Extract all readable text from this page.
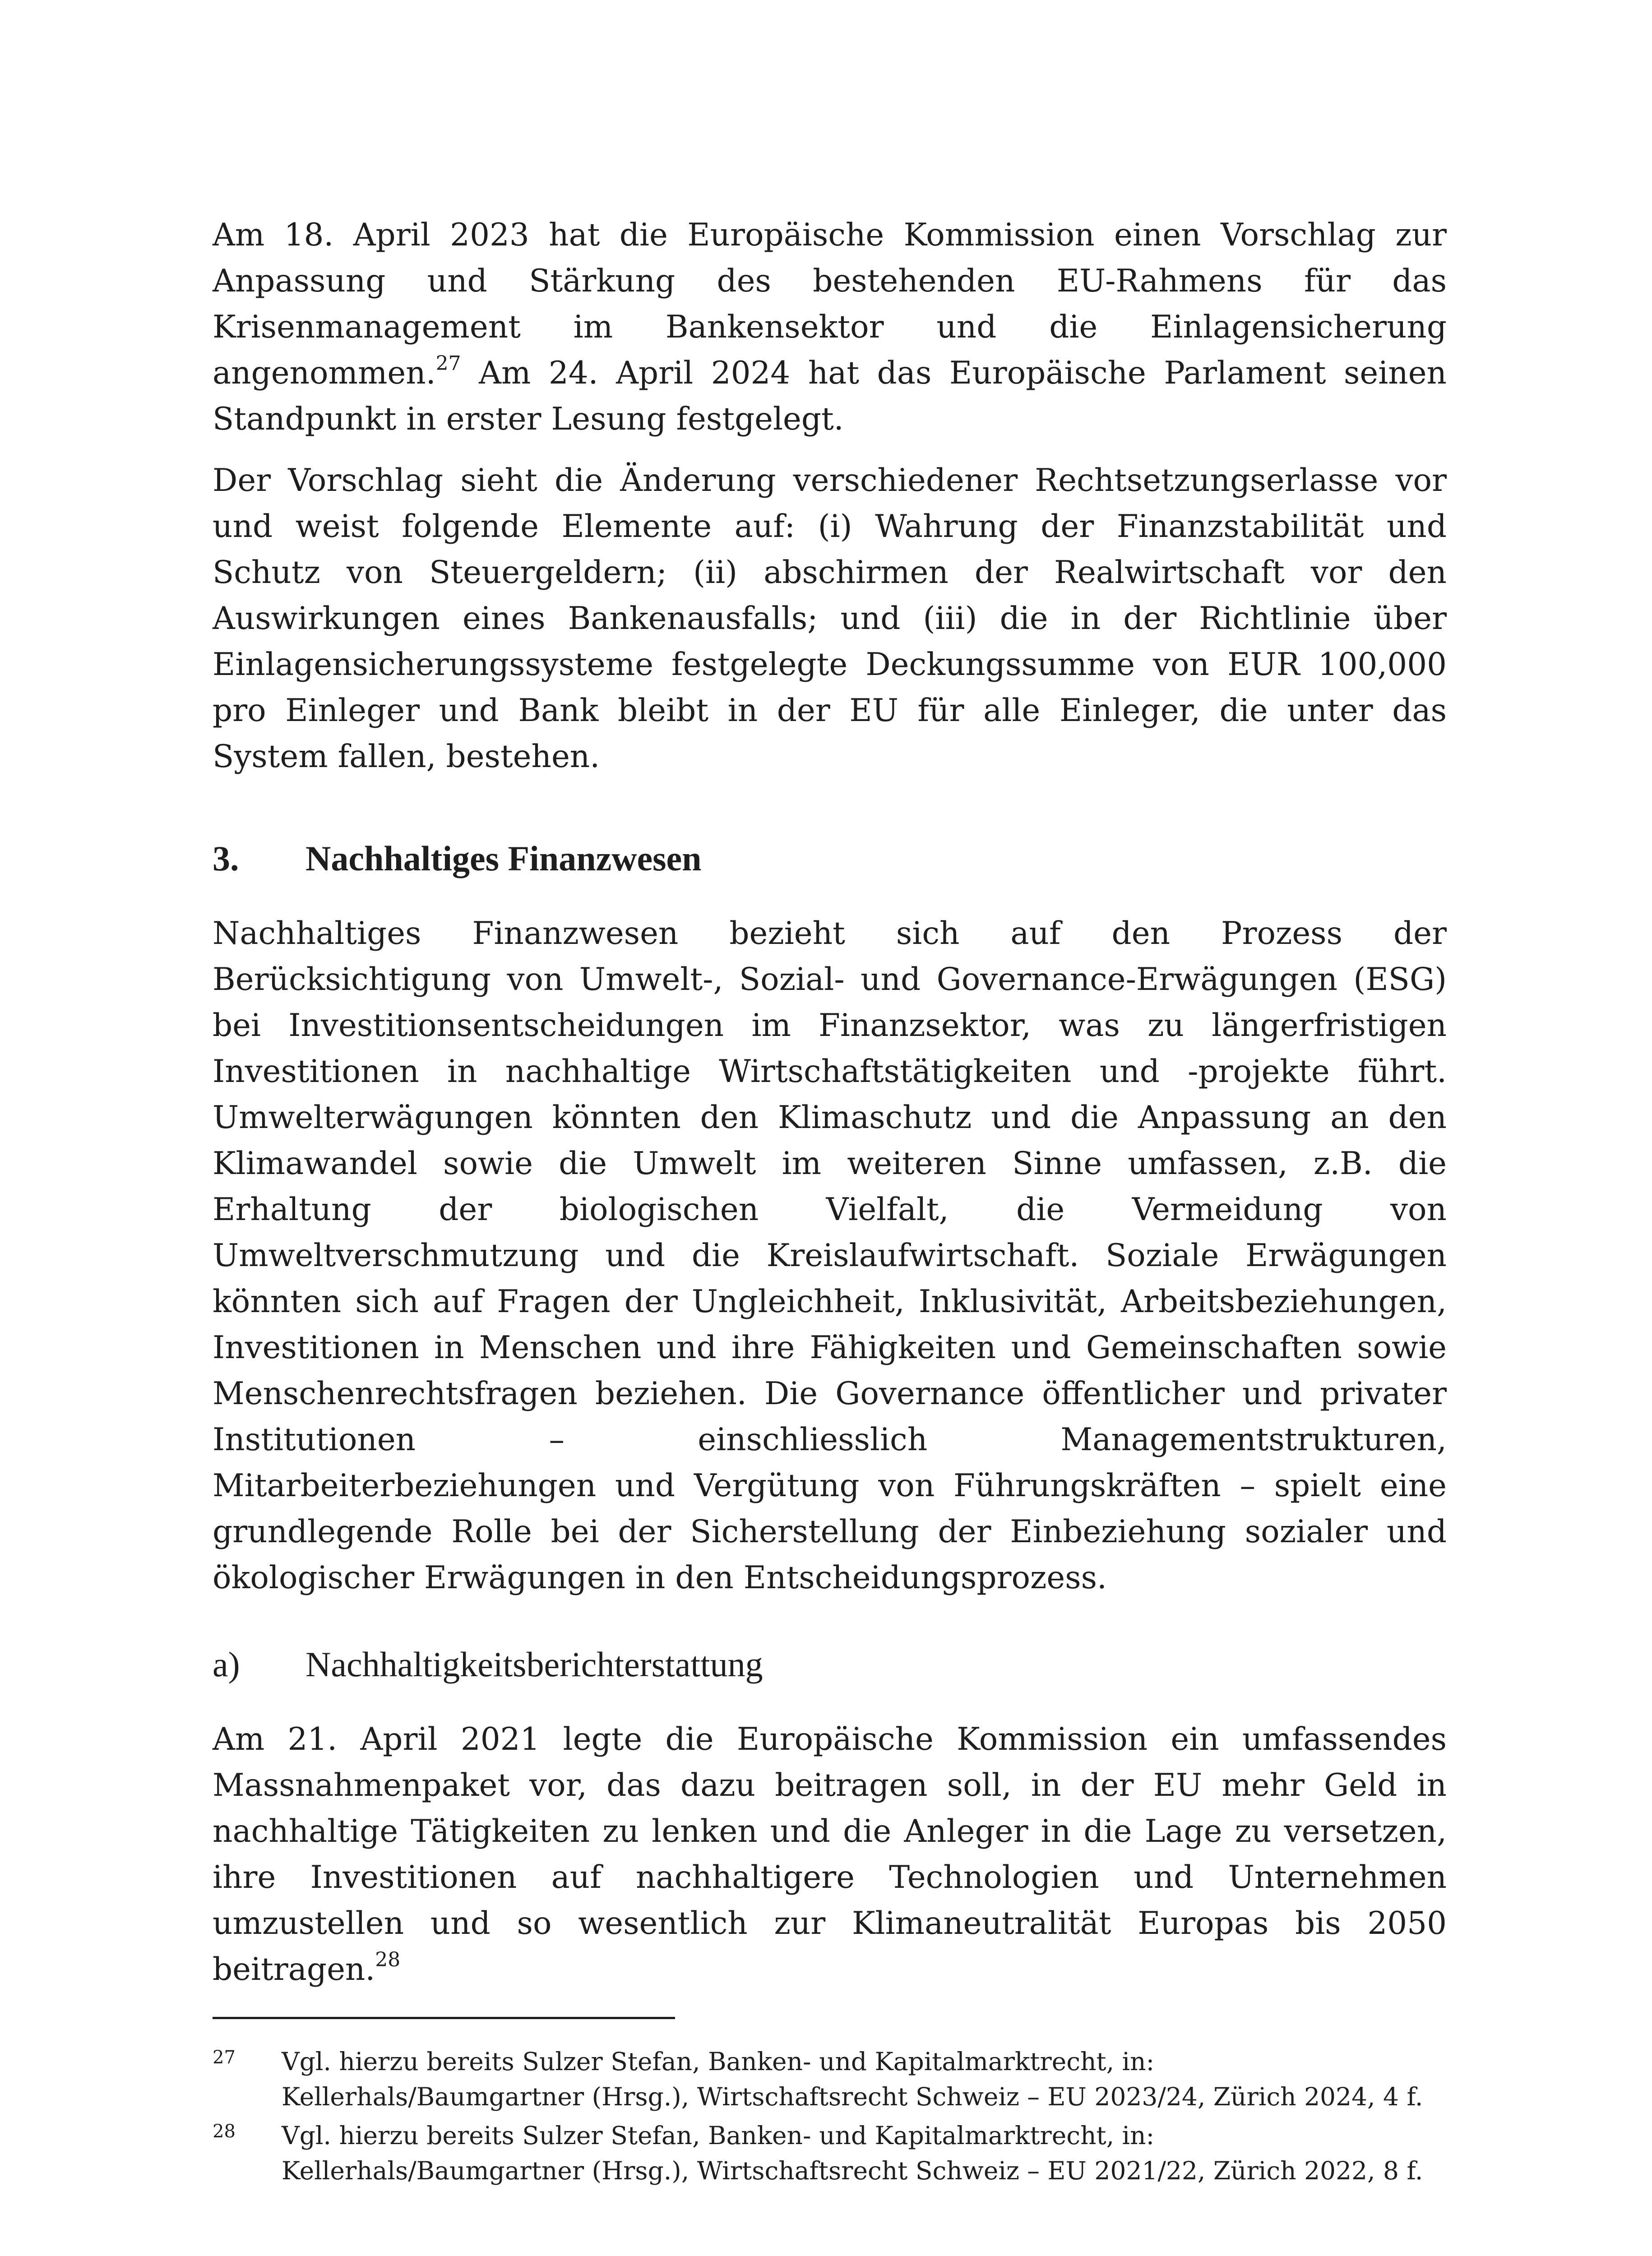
Am 18. April 2023 hat die Europäische Kommission einen Vorschlag zur Anpassung und Stärkung des bestehenden EU-Rahmens für das Krisenmanagement im Bankensektor und die Einlagensicherung angenommen.$^{27}$ Am 24. April 2024 hat das Europäische Parlament seinen Standpunkt in erster Lesung festgelegt.

Der Vorschlag sieht die Änderung verschiedener Rechtsetzungserlasse vor und weist folgende Elemente auf: (i) Wahrung der Finanzstabilität und Schutz von Steuergeldern; (ii) abschirmen der Realwirtschaft vor den Auswirkungen eines Bankenausfalls; und (iii) die in der Richtlinie über Einlagensicherungssysteme festgelegte Deckungssumme von EUR 100,000 pro Einleger und Bank bleibt in der EU für alle Einleger, die unter das System fallen, bestehen.

3.	Nachhaltiges Finanzwesen

Nachhaltiges Finanzwesen bezieht sich auf den Prozess der Berücksichtigung von Umwelt-, Sozial- und Governance-Erwägungen (ESG) bei Investitionsentscheidungen im Finanzsektor, was zu längerfristigen Investitionen in nachhaltige Wirtschaftstätigkeiten und -projekte führt. Umwelterwägungen könnten den Klimaschutz und die Anpassung an den Klimawandel sowie die Umwelt im weiteren Sinne umfassen, z.B. die Erhaltung der biologischen Vielfalt, die Vermeidung von Umweltverschmutzung und die Kreislaufwirtschaft. Soziale Erwägungen könnten sich auf Fragen der Ungleichheit, Inklusivität, Arbeitsbeziehungen, Investitionen in Menschen und ihre Fähigkeiten und Gemeinschaften sowie Menschenrechtsfragen beziehen. Die Governance öffentlicher und privater Institutionen – einschliesslich Managementstrukturen, Mitarbeiterbeziehungen und Vergütung von Führungskräften – spielt eine grundlegende Rolle bei der Sicherstellung der Einbeziehung sozialer und ökologischer Erwägungen in den Entscheidungsprozess.

a)	Nachhaltigkeitsberichterstattung

Am 21. April 2021 legte die Europäische Kommission ein umfassendes Massnahmenpaket vor, das dazu beitragen soll, in der EU mehr Geld in nachhaltige Tätigkeiten zu lenken und die Anleger in die Lage zu versetzen, ihre Investitionen auf nachhaltigere Technologien und Unternehmen umzustellen und so wesentlich zur Klimaneutralität Europas bis 2050 beitragen.$^{28}$

27	Vgl. hierzu bereits Sulzer Stefan, Banken- und Kapitalmarktrecht, in: Kellerhals/Baumgartner (Hrsg.), Wirtschaftsrecht Schweiz – EU 2023/24, Zürich 2024, 4 f.
28	Vgl. hierzu bereits Sulzer Stefan, Banken- und Kapitalmarktrecht, in: Kellerhals/Baumgartner (Hrsg.), Wirtschaftsrecht Schweiz – EU 2021/22, Zürich 2022, 8 f.
